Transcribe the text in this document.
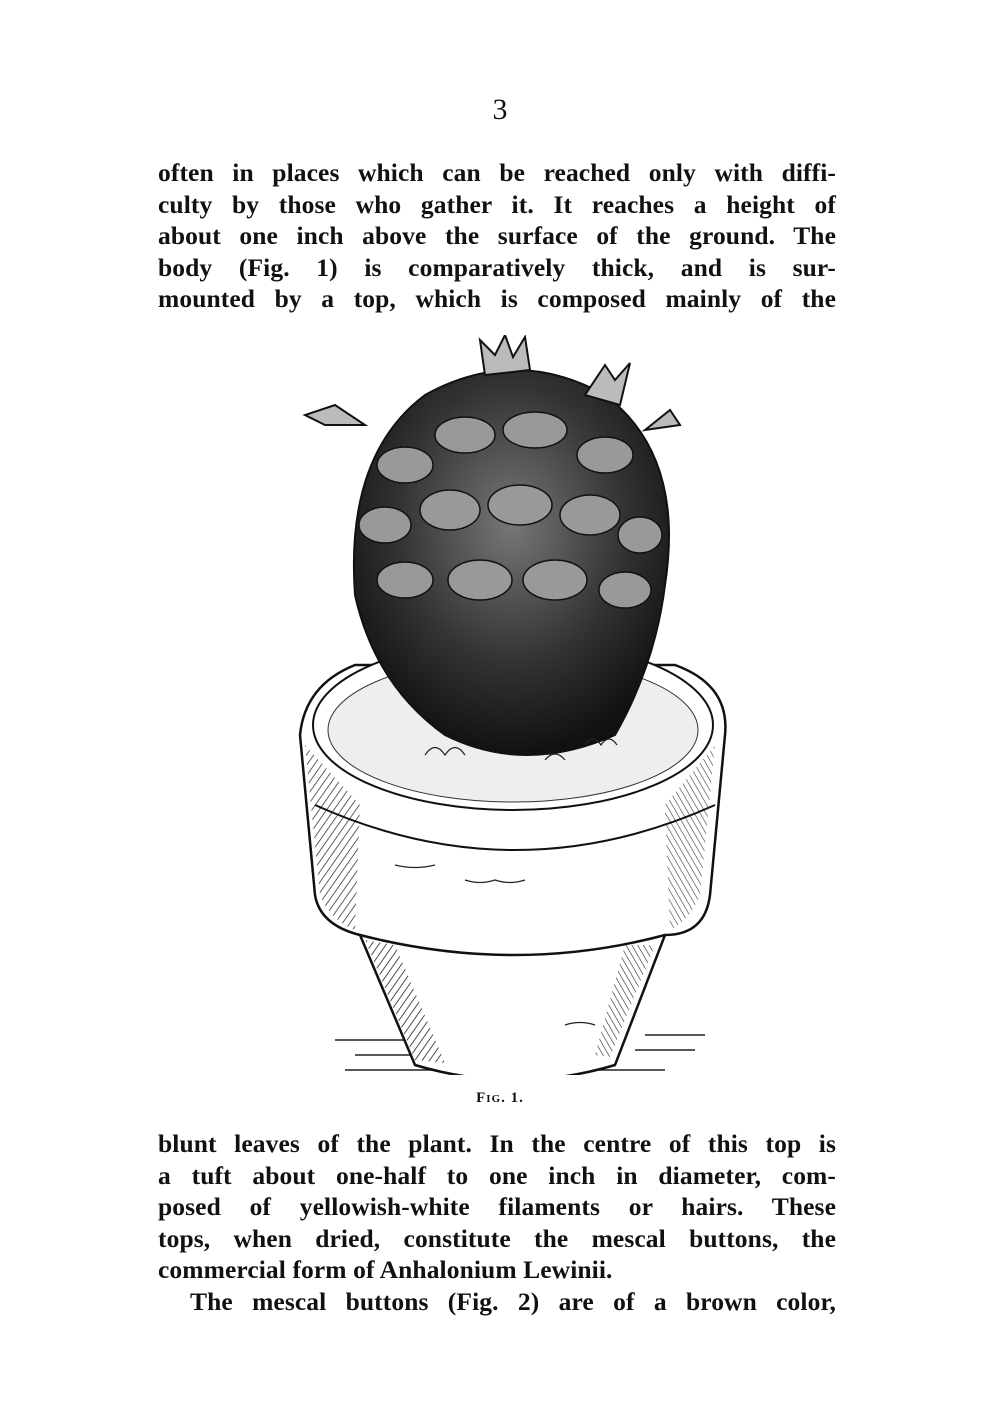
3
often in places which can be reached only with diffi-
culty by those who gather it. It reaches a height of
about one inch above the surface of the ground. The
body (Fig. 1) is comparatively thick, and is sur-
mounted by a top, which is composed mainly of the
Fig. 1.
blunt leaves of the plant. In the centre of this top is
a tuft about one-half to one inch in diameter, com-
posed of yellowish-white filaments or hairs. These
tops, when dried, constitute the mescal buttons, the
commercial form of Anhalonium Lewinii.
The mescal buttons (Fig. 2) are of a brown color,
